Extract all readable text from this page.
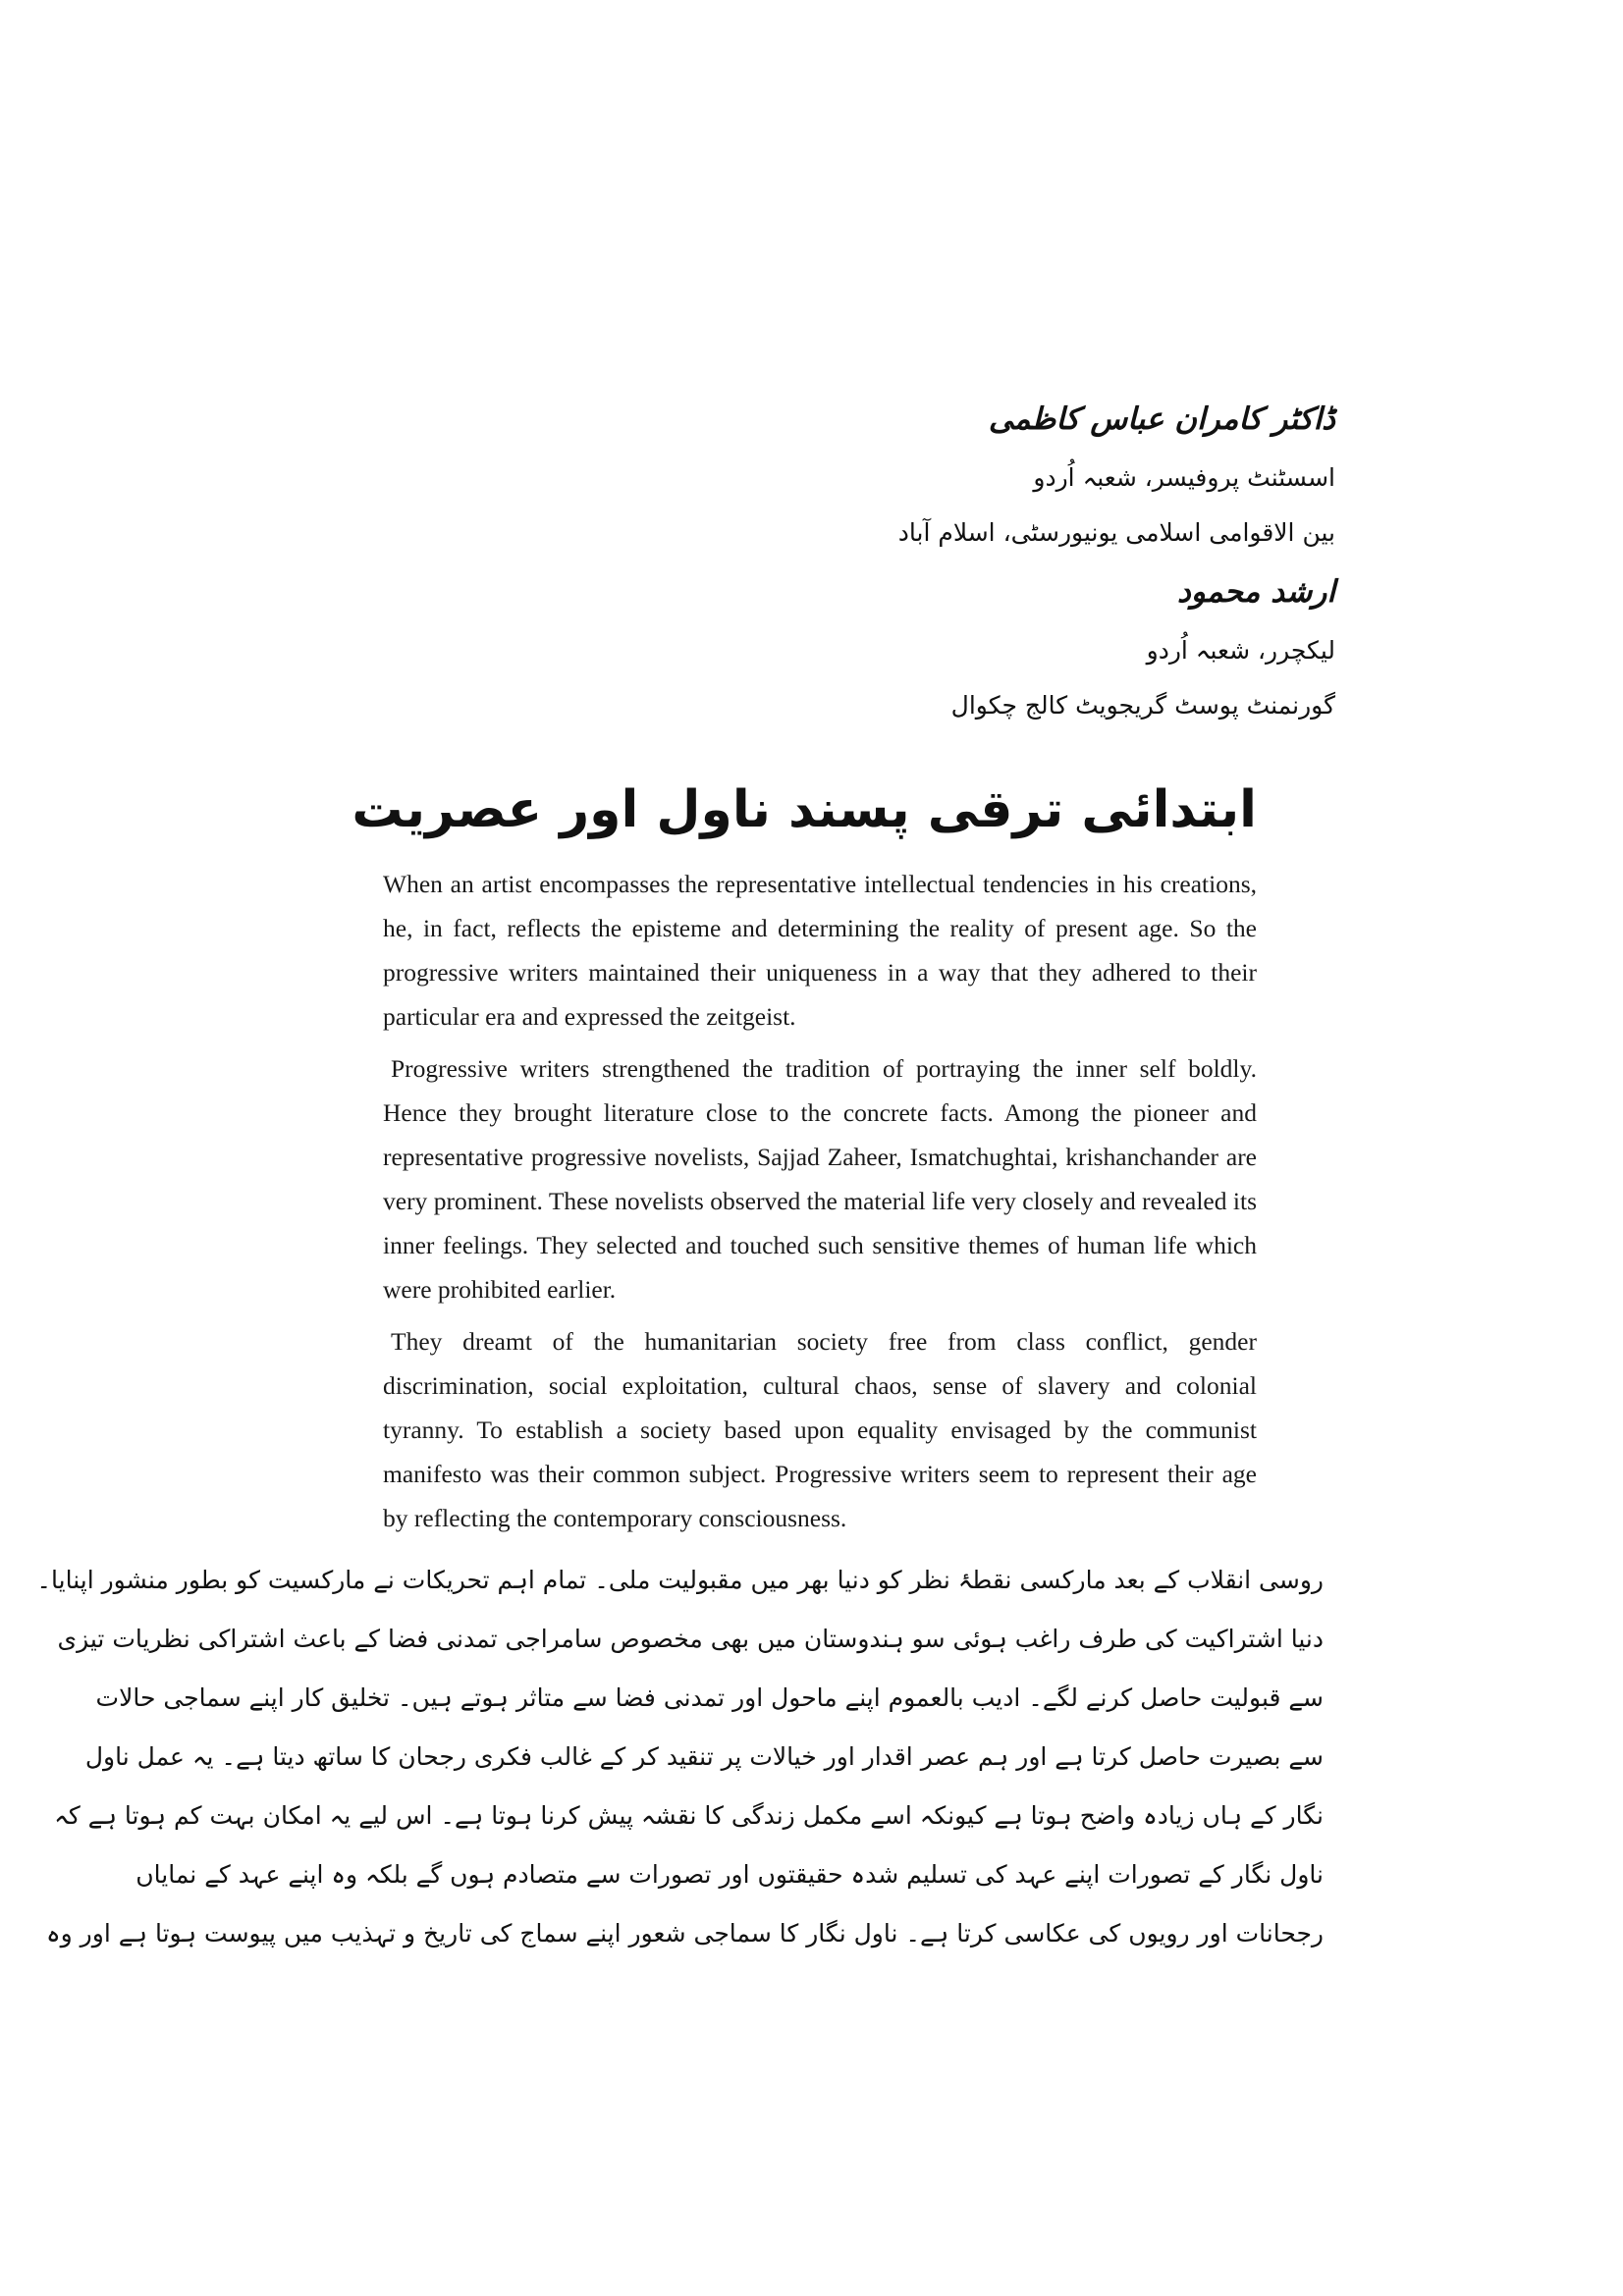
ڈاکٹر کامران عباس کاظمی
اسسٹنٹ پروفیسر، شعبہ اُردو
بین الاقوامی اسلامی یونیورسٹی، اسلام آباد
ارشد محمود
لیکچرر، شعبہ اُردو
گورنمنٹ پوسٹ گریجویٹ کالج چکوال
ابتدائی ترقی پسند ناول اور عصریت

When an artist encompasses the representative intellectual tendencies in his creations, he, in fact, reflects the episteme and determining the reality of present age. So the progressive writers maintained their uniqueness in a way that they adhered to their particular era and expressed the zeitgeist.

Progressive writers strengthened the tradition of portraying the inner self boldly. Hence they brought literature close to the concrete facts. Among the pioneer and representative progressive novelists, Sajjad Zaheer, Ismatchughtai, krishanchander are very prominent. These novelists observed the material life very closely and revealed its inner feelings. They selected and touched such sensitive themes of human life which were prohibited earlier.

They dreamt of the humanitarian society free from class conflict, gender discrimination, social exploitation, cultural chaos, sense of slavery and colonial tyranny. To establish a society based upon equality envisaged by the communist manifesto was their common subject. Progressive writers seem to represent their age by reflecting the contemporary consciousness.

روسی انقلاب کے بعد مارکسی نقطۂ نظر کو دنیا بھر میں مقبولیت ملی۔ تمام اہم تحریکات نے مارکسیت کو بطور منشور اپنایا۔
دنیا اشتراکیت کی طرف راغب ہوئی سو ہندوستان میں بھی مخصوص سامراجی تمدنی فضا کے باعث اشتراکی نظریات تیزی
سے قبولیت حاصل کرنے لگے۔ ادیب بالعموم اپنے ماحول اور تمدنی فضا سے متاثر ہوتے ہیں۔ تخلیق کار اپنے سماجی حالات
سے بصیرت حاصل کرتا ہے اور ہم عصر اقدار اور خیالات پر تنقید کر کے غالب فکری رجحان کا ساتھ دیتا ہے۔ یہ عمل ناول
نگار کے ہاں زیادہ واضح ہوتا ہے کیونکہ اسے مکمل زندگی کا نقشہ پیش کرنا ہوتا ہے۔ اس لیے یہ امکان بہت کم ہوتا ہے کہ
ناول نگار کے تصورات اپنے عہد کی تسلیم شدہ حقیقتوں اور تصورات سے متصادم ہوں گے بلکہ وہ اپنے عہد کے نمایاں
رجحانات اور رویوں کی عکاسی کرتا ہے۔ ناول نگار کا سماجی شعور اپنے سماج کی تاریخ و تہذیب میں پیوست ہوتا ہے اور وہ
